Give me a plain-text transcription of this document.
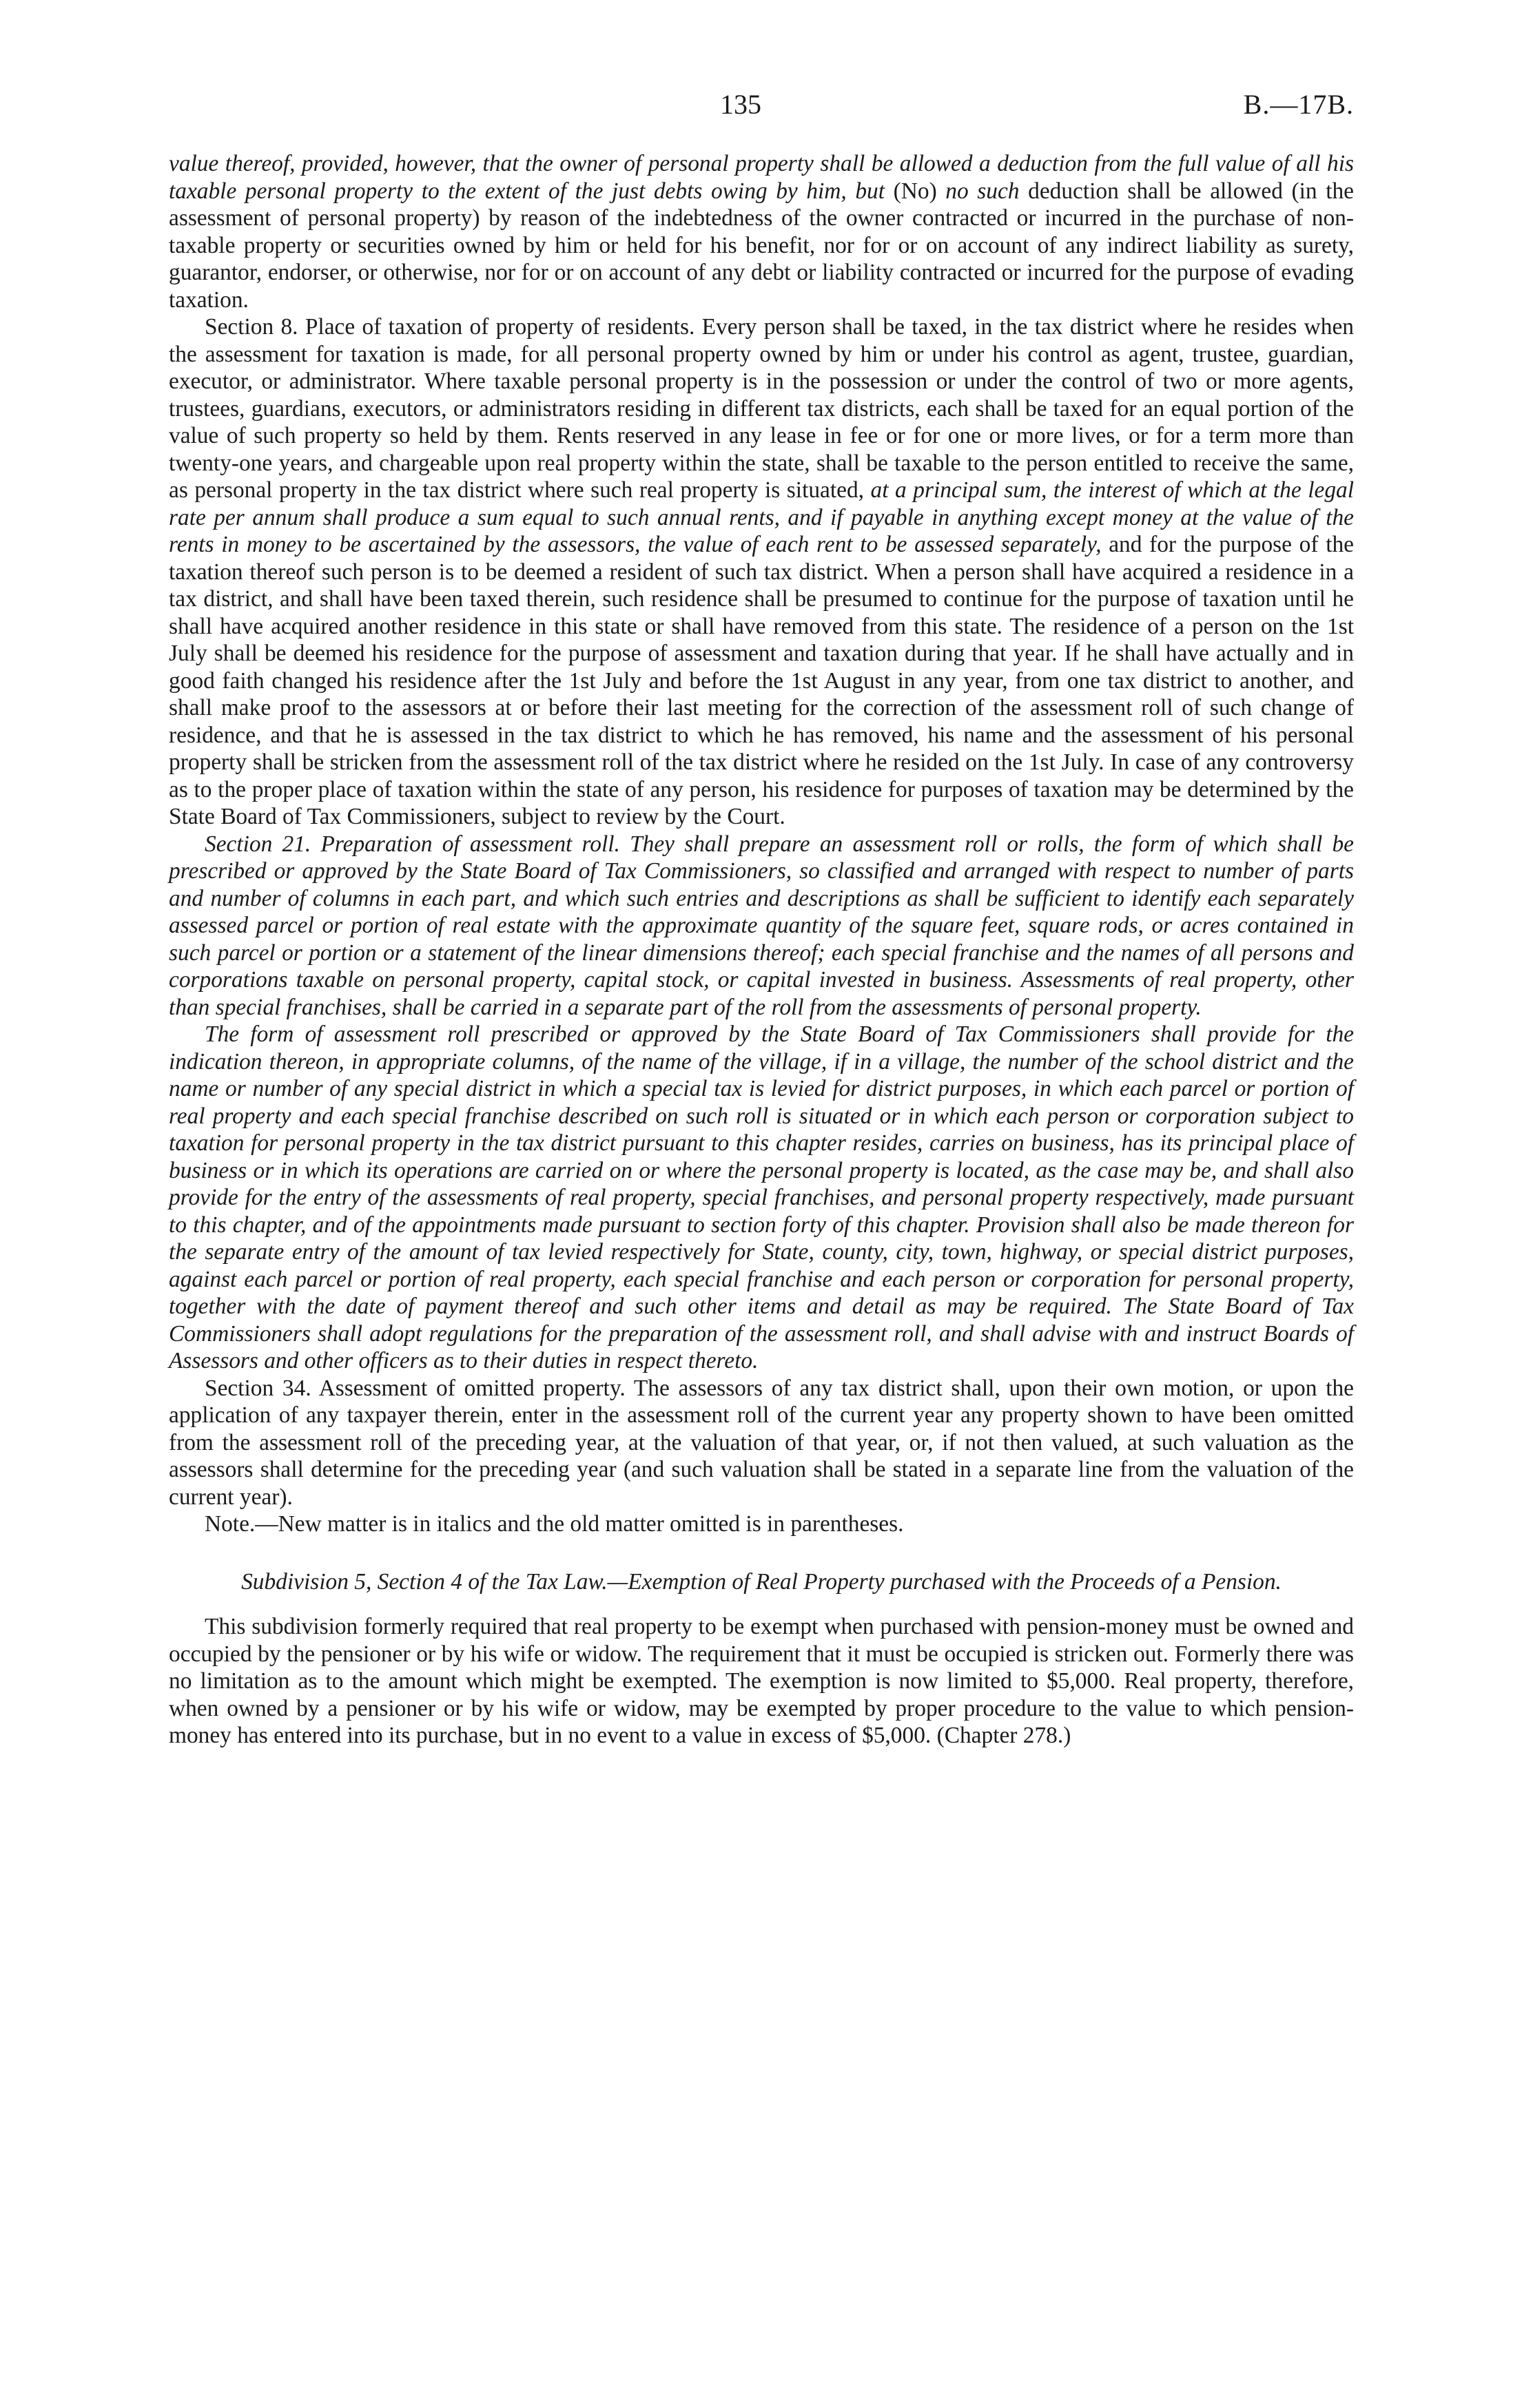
135	B.—17B.

value thereof, provided, however, that the owner of personal property shall be allowed a deduction from the full value of all his taxable personal property to the extent of the just debts owing by him, but (No) no such deduction shall be allowed (in the assessment of personal property) by reason of the indebtedness of the owner contracted or incurred in the purchase of non-taxable property or securities owned by him or held for his benefit, nor for or on account of any indirect liability as surety, guarantor, endorser, or otherwise, nor for or on account of any debt or liability contracted or incurred for the purpose of evading taxation.

Section 8. Place of taxation of property of residents. Every person shall be taxed, in the tax district where he resides when the assessment for taxation is made, for all personal property owned by him or under his control as agent, trustee, guardian, executor, or administrator. Where taxable personal property is in the possession or under the control of two or more agents, trustees, guardians, executors, or administrators residing in different tax districts, each shall be taxed for an equal portion of the value of such property so held by them. Rents reserved in any lease in fee or for one or more lives, or for a term more than twenty-one years, and chargeable upon real property within the state, shall be taxable to the person entitled to receive the same, as personal property in the tax district where such real property is situated, at a principal sum, the interest of which at the legal rate per annum shall produce a sum equal to such annual rents, and if payable in anything except money at the value of the rents in money to be ascertained by the assessors, the value of each rent to be assessed separately, and for the purpose of the taxation thereof such person is to be deemed a resident of such tax district. When a person shall have acquired a residence in a tax district, and shall have been taxed therein, such residence shall be presumed to continue for the purpose of taxation until he shall have acquired another residence in this state or shall have removed from this state. The residence of a person on the 1st July shall be deemed his residence for the purpose of assessment and taxation during that year. If he shall have actually and in good faith changed his residence after the 1st July and before the 1st August in any year, from one tax district to another, and shall make proof to the assessors at or before their last meeting for the correction of the assessment roll of such change of residence, and that he is assessed in the tax district to which he has removed, his name and the assessment of his personal property shall be stricken from the assessment roll of the tax district where he resided on the 1st July. In case of any controversy as to the proper place of taxation within the state of any person, his residence for purposes of taxation may be determined by the State Board of Tax Commissioners, subject to review by the Court.

Section 21. Preparation of assessment roll. They shall prepare an assessment roll or rolls, the form of which shall be prescribed or approved by the State Board of Tax Commissioners, so classified and arranged with respect to number of parts and number of columns in each part, and which such entries and descriptions as shall be sufficient to identify each separately assessed parcel or portion of real estate with the approximate quantity of the square feet, square rods, or acres contained in such parcel or portion or a statement of the linear dimensions thereof; each special franchise and the names of all persons and corporations taxable on personal property, capital stock, or capital invested in business. Assessments of real property, other than special franchises, shall be carried in a separate part of the roll from the assessments of personal property.

The form of assessment roll prescribed or approved by the State Board of Tax Commissioners shall provide for the indication thereon, in appropriate columns, of the name of the village, if in a village, the number of the school district and the name or number of any special district in which a special tax is levied for district purposes, in which each parcel or portion of real property and each special franchise described on such roll is situated or in which each person or corporation subject to taxation for personal property in the tax district pursuant to this chapter resides, carries on business, has its principal place of business or in which its operations are carried on or where the personal property is located, as the case may be, and shall also provide for the entry of the assessments of real property, special franchises, and personal property respectively, made pursuant to this chapter, and of the appointments made pursuant to section forty of this chapter. Provision shall also be made thereon for the separate entry of the amount of tax levied respectively for State, county, city, town, highway, or special district purposes, against each parcel or portion of real property, each special franchise and each person or corporation for personal property, together with the date of payment thereof and such other items and detail as may be required. The State Board of Tax Commissioners shall adopt regulations for the preparation of the assessment roll, and shall advise with and instruct Boards of Assessors and other officers as to their duties in respect thereto.

Section 34. Assessment of omitted property. The assessors of any tax district shall, upon their own motion, or upon the application of any taxpayer therein, enter in the assessment roll of the current year any property shown to have been omitted from the assessment roll of the preceding year, at the valuation of that year, or, if not then valued, at such valuation as the assessors shall determine for the preceding year (and such valuation shall be stated in a separate line from the valuation of the current year).

Note.—New matter is in italics and the old matter omitted is in parentheses.

Subdivision 5, Section 4 of the Tax Law.—Exemption of Real Property purchased with the Proceeds of a Pension.

This subdivision formerly required that real property to be exempt when purchased with pension-money must be owned and occupied by the pensioner or by his wife or widow. The requirement that it must be occupied is stricken out. Formerly there was no limitation as to the amount which might be exempted. The exemption is now limited to $5,000. Real property, therefore, when owned by a pensioner or by his wife or widow, may be exempted by proper procedure to the value to which pension-money has entered into its purchase, but in no event to a value in excess of $5,000. (Chapter 278.)
